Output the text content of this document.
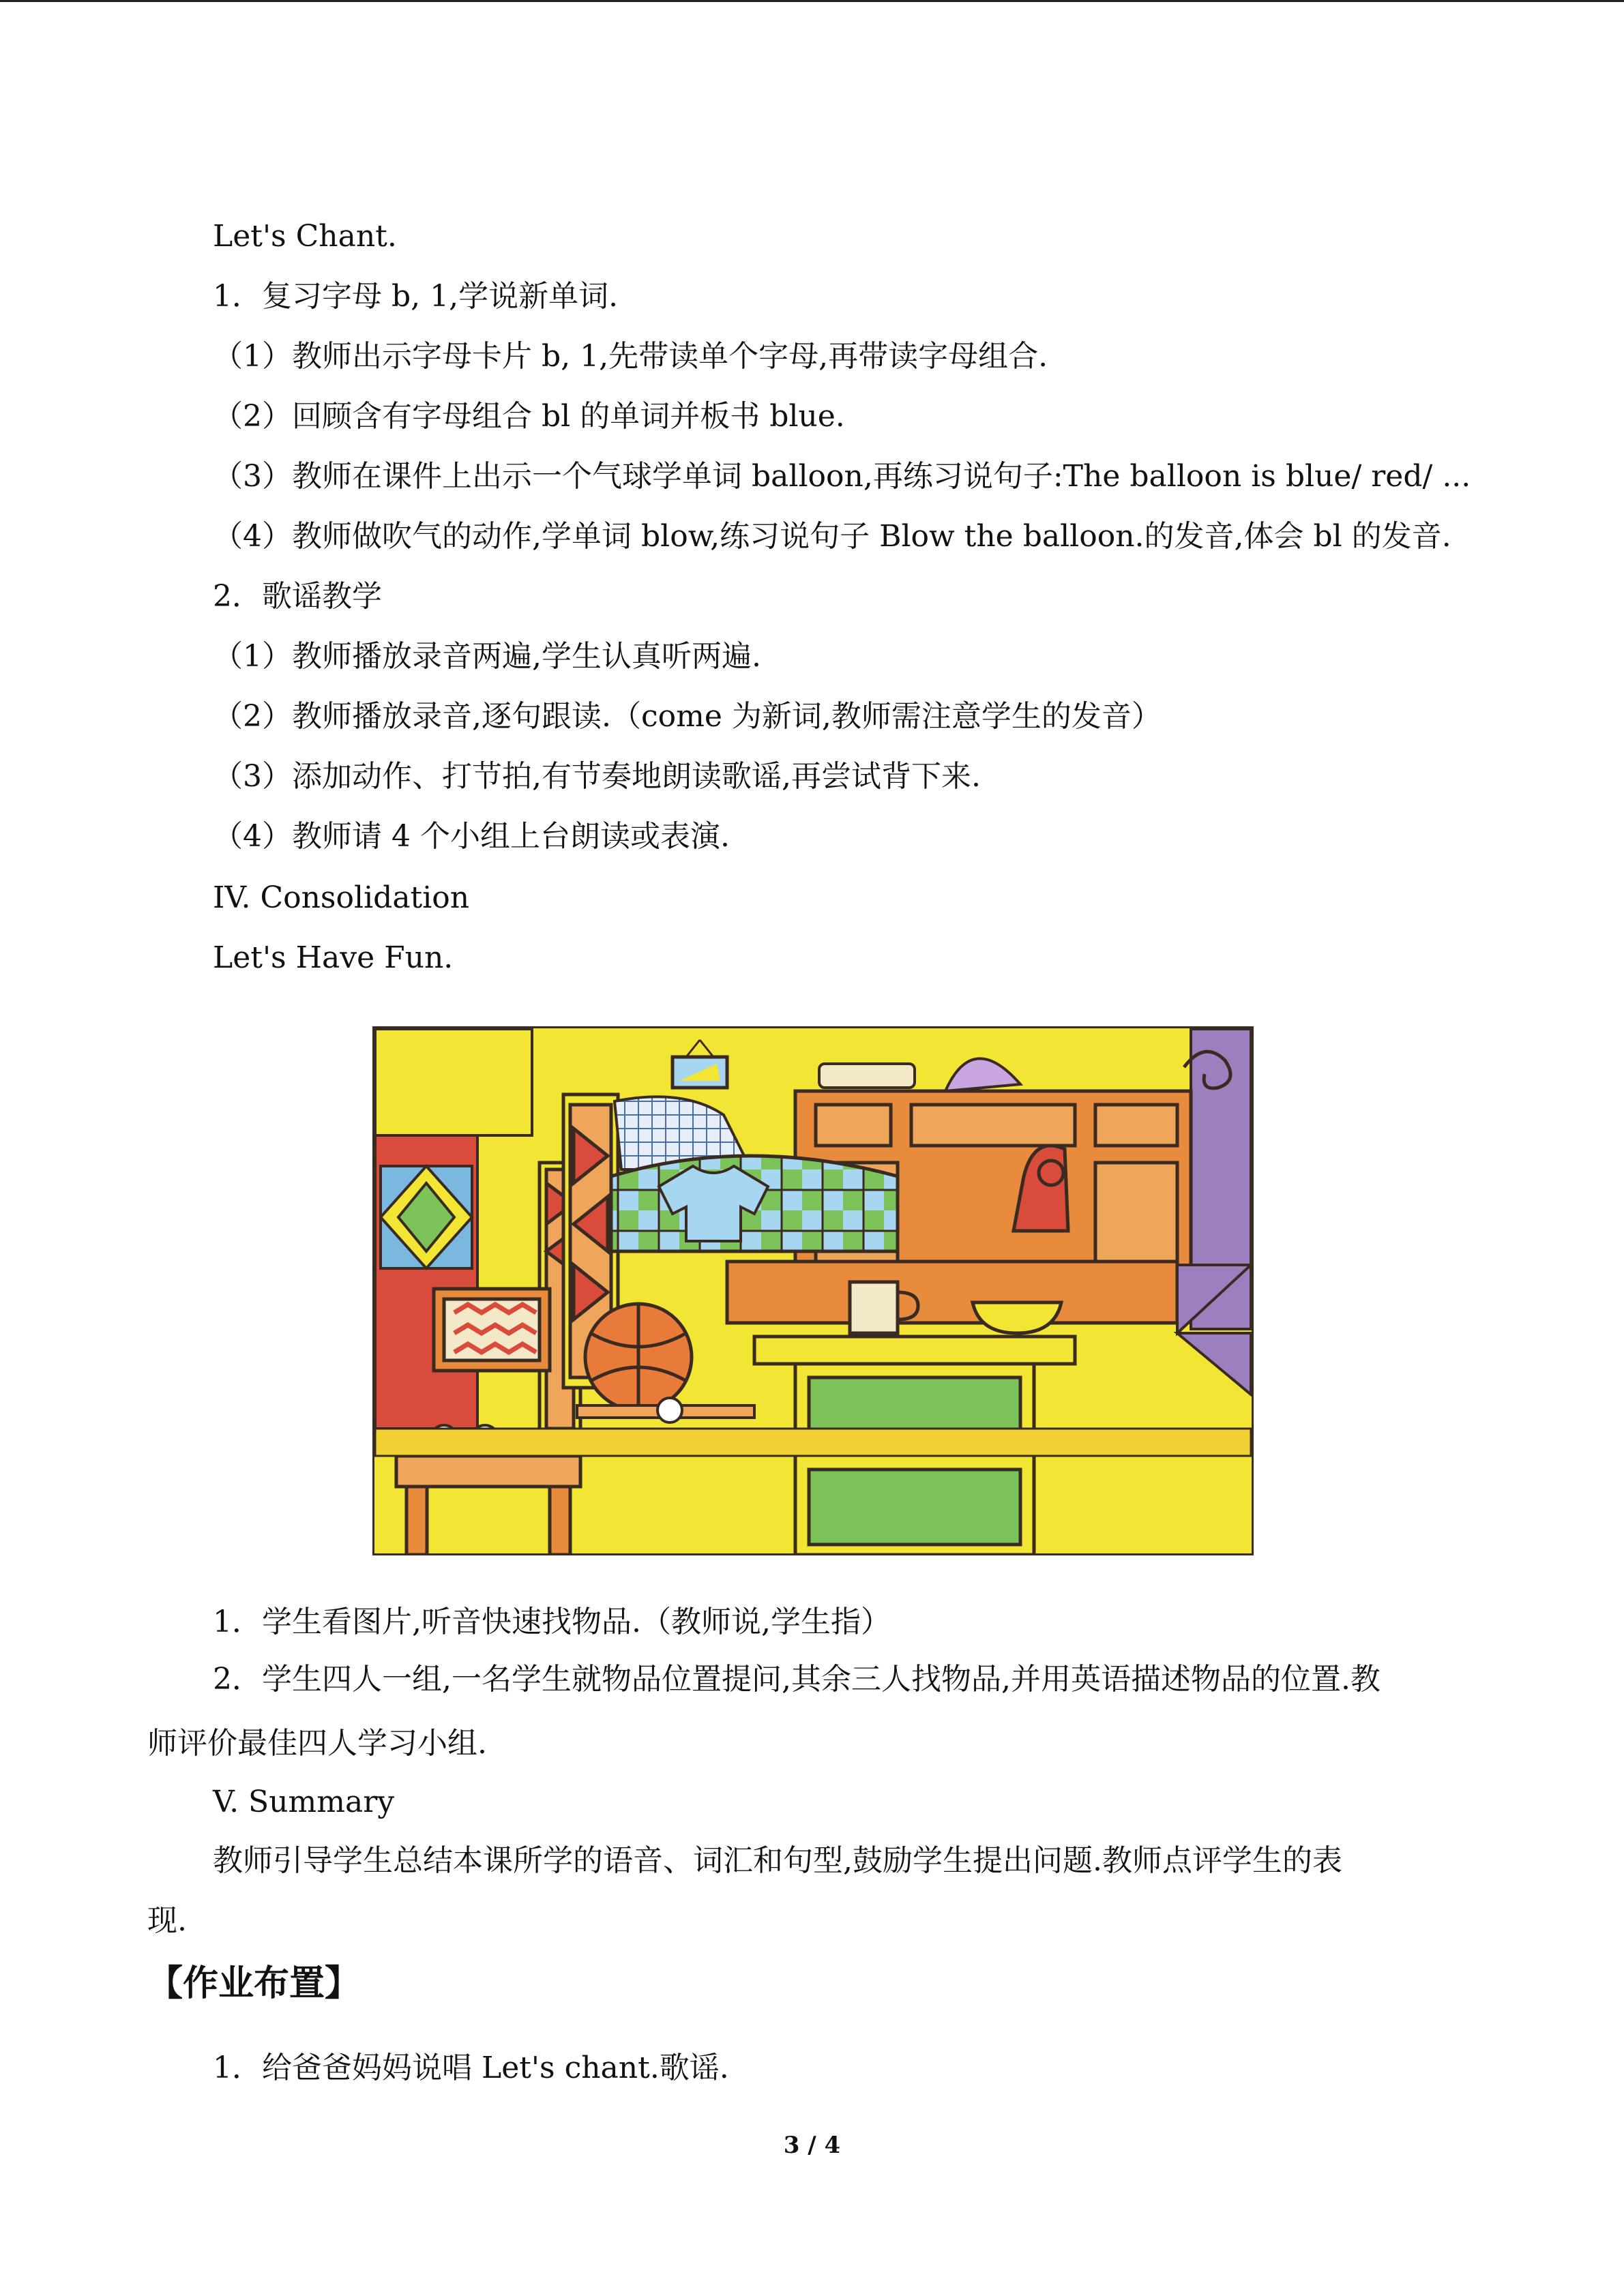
Let's Chant.
1．复习字母 b, 1,学说新单词.
（1）教师出示字母卡片 b, 1,先带读单个字母,再带读字母组合.
（2）回顾含有字母组合 bl 的单词并板书 blue.
（3）教师在课件上出示一个气球学单词 balloon,再练习说句子:The balloon is blue/ red/ ...
（4）教师做吹气的动作,学单词 blow,练习说句子 Blow the balloon.的发音,体会 bl 的发音.
2．歌谣教学
（1）教师播放录音两遍,学生认真听两遍.
（2）教师播放录音,逐句跟读.（come 为新词,教师需注意学生的发音）
（3）添加动作、打节拍,有节奏地朗读歌谣,再尝试背下来.
（4）教师请 4 个小组上台朗读或表演.
IV. Consolidation
Let's Have Fun.
1．学生看图片,听音快速找物品.（教师说,学生指）
2．学生四人一组,一名学生就物品位置提问,其余三人找物品,并用英语描述物品的位置.教
师评价最佳四人学习小组.
V. Summary
教师引导学生总结本课所学的语音、词汇和句型,鼓励学生提出问题.教师点评学生的表
现.
【作业布置】
1．给爸爸妈妈说唱 Let's chant.歌谣.
3 / 4
